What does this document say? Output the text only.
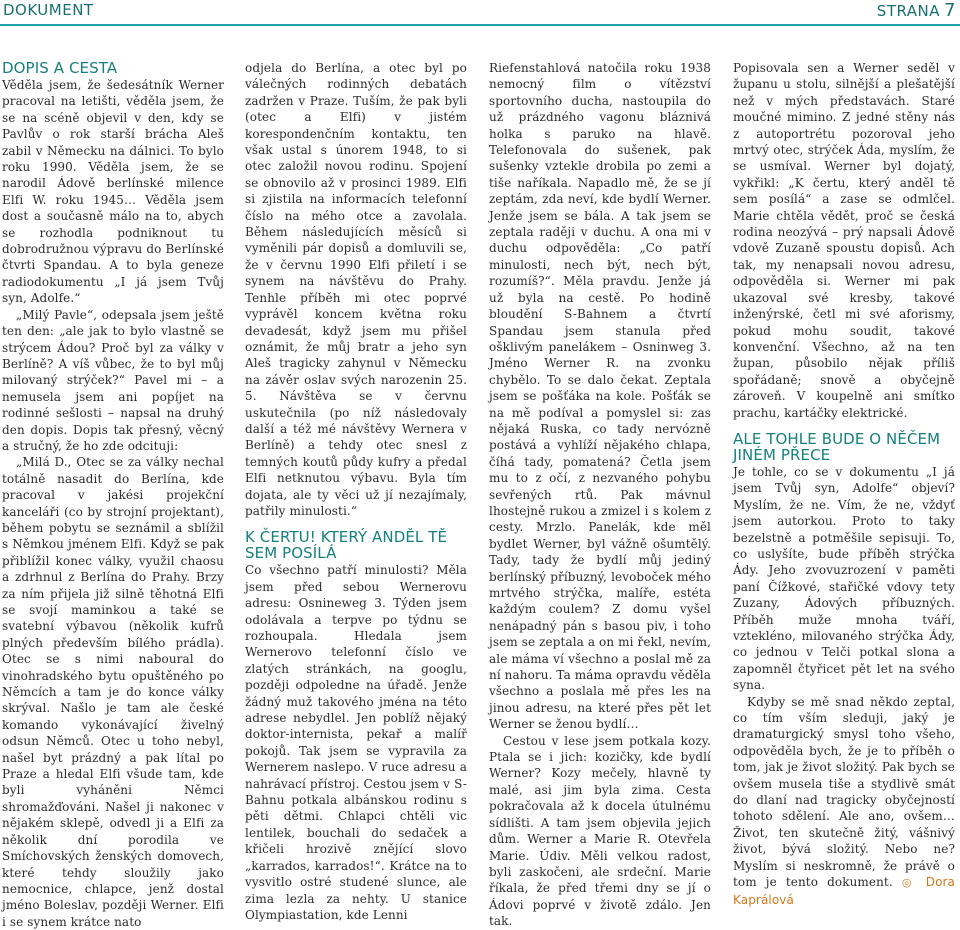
DOKUMENT	STRANA 7
DOPIS A CESTA

Věděla jsem, že šedesátník Werner pracoval na letišti, věděla jsem, že se na scéně objevil v den, kdy se Pavlův o rok starší brácha Aleš zabil v Německu na dálnici. To bylo roku 1990. Věděla jsem, že se narodil Ádově berlínské milence Elfi W. roku 1945… Věděla jsem dost a současně málo na to, abych se rozhodla podniknout tu dobrodružnou výpravu do Berlínské čtvrti Spandau. A to byla geneze radiodokumentu „I já jsem Tvůj syn, Adolfe.“

„Milý Pavle“, odepsala jsem ještě ten den: „ale jak to bylo vlastně se strýcem Ádou? Proč byl za války v Berlíně? A víš vůbec, že to byl můj milovaný strýček?“ Pavel mi – a nemusela jsem ani popíjet na rodinné sešlosti – napsal na druhý den dopis. Dopis tak přesný, věcný a stručný, že ho zde odcituji:

„Milá D., Otec se za války nechal totálně nasadit do Berlína, kde pracoval v jakési projekční kanceláři (co by strojní projektant), během pobytu se seznámil a sblížil s Němkou jménem Elfi. Když se pak přiblížil konec války, využil chaosu a zdrhnul z Berlína do Prahy. Brzy za ním přijela již silně těhotná Elfi se svojí maminkou a také se svatební výbavou (několik kufrů plných především bílého prádla). Otec se s nimi naboural do vinohradského bytu opuštěného po Němcích a tam je do konce války skrýval. Našlo je tam ale české komando vykonávající živelný odsun Němců. Otec u toho nebyl, našel byt prázdný a pak lítal po Praze a hledal Elfi všude tam, kde byli vyháněni Němci shromažďováni. Našel ji nakonec v nějakém sklepě, odvedl ji a Elfi za několik dní porodila ve Smíchovských ženských domovech, které tehdy sloužily jako nemocnice, chlapce, jenž dostal jméno Boleslav, později Werner. Elfi i se synem krátce nato

odjela do Berlína, a otec byl po válečných rodinných debatách zadržen v Praze. Tuším, že pak byli (otec a Elfi) v jistém korespondenčním kontaktu, ten však ustal s únorem 1948, to si otec založil novou rodinu. Spojení se obnovilo až v prosinci 1989. Elfi si zjistila na informacích telefonní číslo na mého otce a zavolala. Během následujících měsíců si vyměnili pár dopisů a domluvili se, že v červnu 1990 Elfi přiletí i se synem na návštěvu do Prahy. Tenhle příběh mi otec poprvé vyprávěl koncem května roku devadesát, když jsem mu přišel oznámit, že můj bratr a jeho syn Aleš tragicky zahynul v Německu na závěr oslav svých narozenin 25. 5. Návštěva se v červnu uskutečnila (po níž následovaly další a též mé návštěvy Wernera v Berlíně) a tehdy otec snesl z temných koutů půdy kufry a předal Elfi netknutou výbavu. Byla tím dojata, ale ty věci už jí nezajímaly, patřily minulosti.“

K ČERTU! KTERÝ ANDĚL TĚ SEM POSÍLÁ

Co všechno patří minulosti? Měla jsem před sebou Wernerovu adresu: Osnineweg 3. Týden jsem odolávala a terpve po týdnu se rozhoupala. Hledala jsem Wernerovo telefonní číslo ve zlatých stránkách, na googlu, později odpoledne na úřadě. Jenže žádný muž takového jména na této adrese nebydlel. Jen poblíž nějaký doktor-internista, pekař a malíř pokojů. Tak jsem se vypravila za Wernerem naslepo. V ruce adresu a nahrávací přístroj. Cestou jsem v S-Bahnu potkala albánskou rodinu s pěti dětmi. Chlapci chtěli vic lentilek, bouchali do sedaček a křičeli hrozivě znějící slovo „karrados, karrados!“. Krátce na to vysvitlo ostré studené slunce, ale zima lezla za nehty. U stanice Olympiastation, kde Lenni

Riefenstahlová natočila roku 1938 nemocný film o vítězství sportovního ducha, nastoupila do už prázdného vagonu bláznivá holka s paruko na hlavě. Telefonovala do sušenek, pak sušenky vztekle drobila po zemi a tiše naříkala. Napadlo mě, že se jí zeptám, zda neví, kde bydlí Werner. Jenže jsem se bála. A tak jsem se zeptala raději v duchu. A ona mi v duchu odpověděla: „Co patří minulosti, nech být, nech být, rozumíš?“. Měla pravdu. Jenže já už byla na cestě. Po hodině bloudění S-Bahnem a čtvrtí Spandau jsem stanula před ošklivým panelákem – Osninweg 3. Jméno Werner R. na zvonku chybělo. To se dalo čekat. Zeptala jsem se pošťáka na kole. Pošťák se na mě podíval a pomyslel si: zas nějaká Ruska, co tady nervózně postává a vyhlíží nějakého chlapa, číhá tady, pomatená? Četla jsem mu to z očí, z nezvaného pohybu sevřených rtů. Pak mávnul lhostejně rukou a zmizel i s kolem z cesty. Mrzlo. Panelák, kde měl bydlet Werner, byl vážně ošumtělý. Tady, tady že bydlí můj jediný berlínský příbuzný, levoboček mého mrtvého strýčka, malíře, estéta každým coulem? Z domu vyšel nenápadný pán s basou piv, i toho jsem se zeptala a on mi řekl, nevím, ale máma ví všechno a poslal mě za ní nahoru. Ta máma opravdu věděla všechno a poslala mě přes les na jinou adresu, na které přes pět let Werner se ženou bydlí…

Cestou v lese jsem potkala kozy. Ptala se i jich: kozičky, kde bydlí Werner? Kozy mečely, hlavně ty malé, asi jim byla zima. Cesta pokračovala až k docela útulnému sídlišti. A tam jsem objevila jejich dům. Werner a Marie R. Otevřela Marie. Údiv. Měli velkou radost, byli zaskočeni, ale srdeční. Marie říkala, že před třemi dny se jí o Ádovi poprvé v životě zdálo. Jen tak.

Popisovala sen a Werner seděl v županu u stolu, silnější a plešatější než v mých představách. Staré moučné mimino. Z jedné stěny nás z autoportrétu pozoroval jeho mrtvý otec, strýček Áda, myslím, že se usmíval. Werner byl dojatý, vykřikl: „K čertu, který anděl tě sem posílá“ a zase se odmlčel. Marie chtěla vědět, proč se česká rodina neozývá – prý napsali Ádově vdově Zuzaně spoustu dopisů. Ach tak, my nenapsali novou adresu, odpověděla si. Werner mi pak ukazoval své kresby, takové inženýrské, četl mi své aforismy, pokud mohu soudit, takové konvenční. Všechno, až na ten župan, působilo nějak příliš spořádaně; snově a obyčejně zároveň. V koupelně ani smítko prachu, kartáčky elektrické.

ALE TOHLE BUDE O NĚČEM JINÉM PŘECE

Je tohle, co se v dokumentu „I já jsem Tvůj syn, Adolfe“ objeví? Myslím, že ne. Vím, že ne, vždyť jsem autorkou. Proto to taky bezelstně a potměšile sepisuji. To, co uslyšíte, bude příběh strýčka Ády. Jeho zvovuzrození v paměti paní Čížkové, stařičké vdovy tety Zuzany, Ádových příbuzných. Příběh muže mnoha tváří, vztekléno, milovaného strýčka Ády, co jednou v Telči potkal slona a zapomněl čtyřicet pět let na svého syna.

Kdyby se mě snad někdo zeptal, co tím vším sleduji, jaký je dramaturgický smysl toho všeho, odpověděla bych, že je to příběh o tom, jak je život složitý. Pak bych se ovšem musela tiše a stydlivě smát do dlaní nad tragicky obyčejností tohoto sdělení. Ale ano, ovšem… Život, ten skutečně žitý, vášnivý život, bývá složitý. Nebo ne? Myslím si neskromně, že právě o tom je tento dokument. ◎ Dora Kaprálová
